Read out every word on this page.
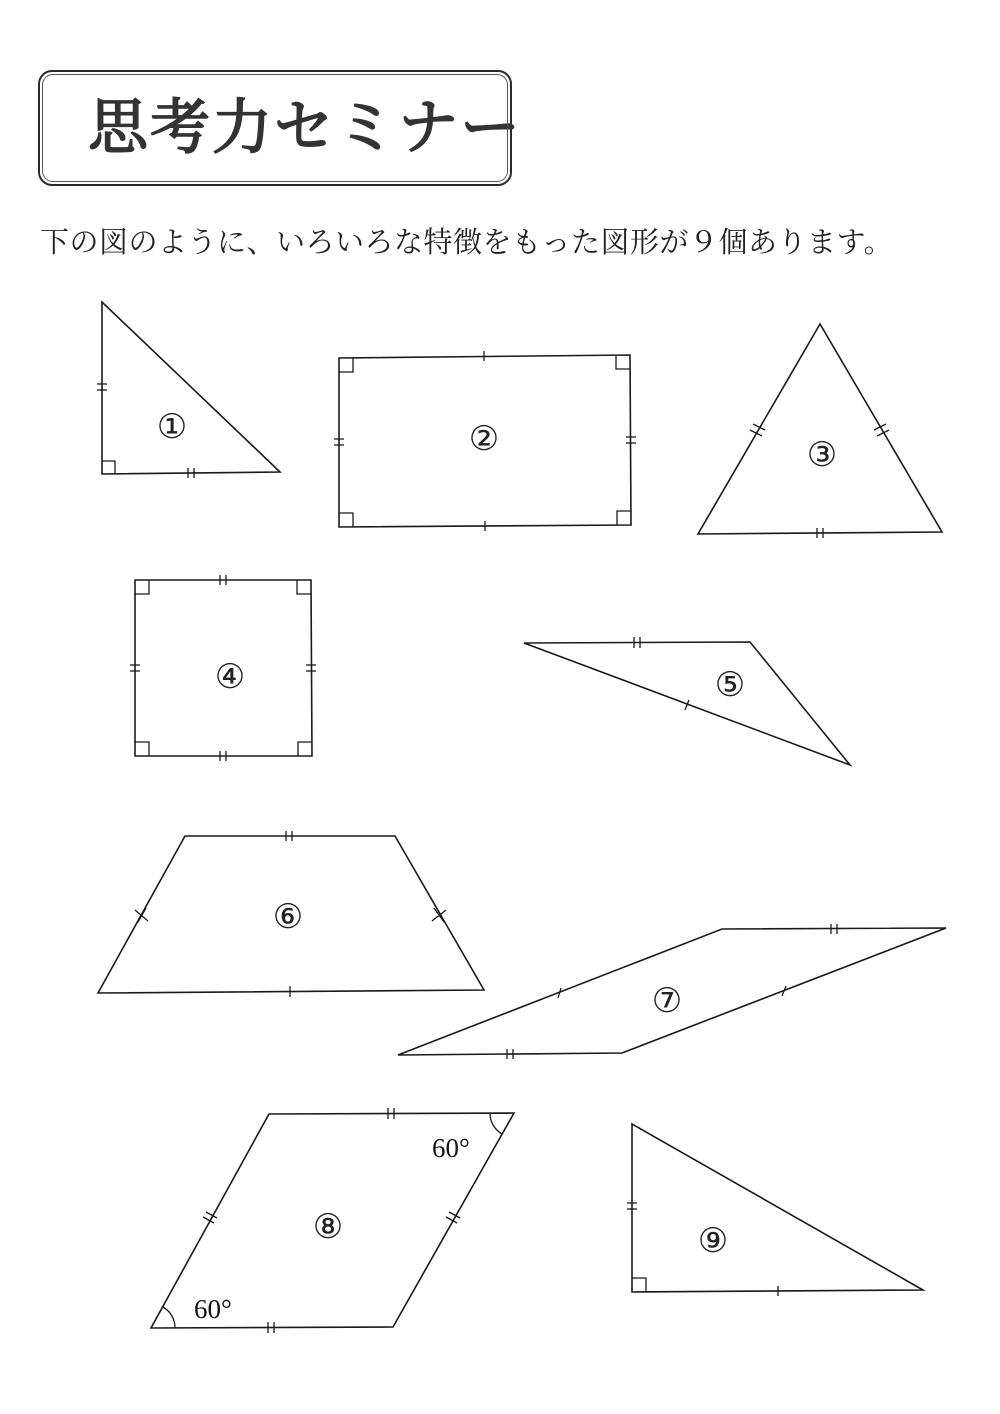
思考力セミナー
下の図のように、いろいろな特徴をもった図形が９個あります。
①	②	③
④	⑤
⑥
⑦
60°
60°
⑧	⑨
